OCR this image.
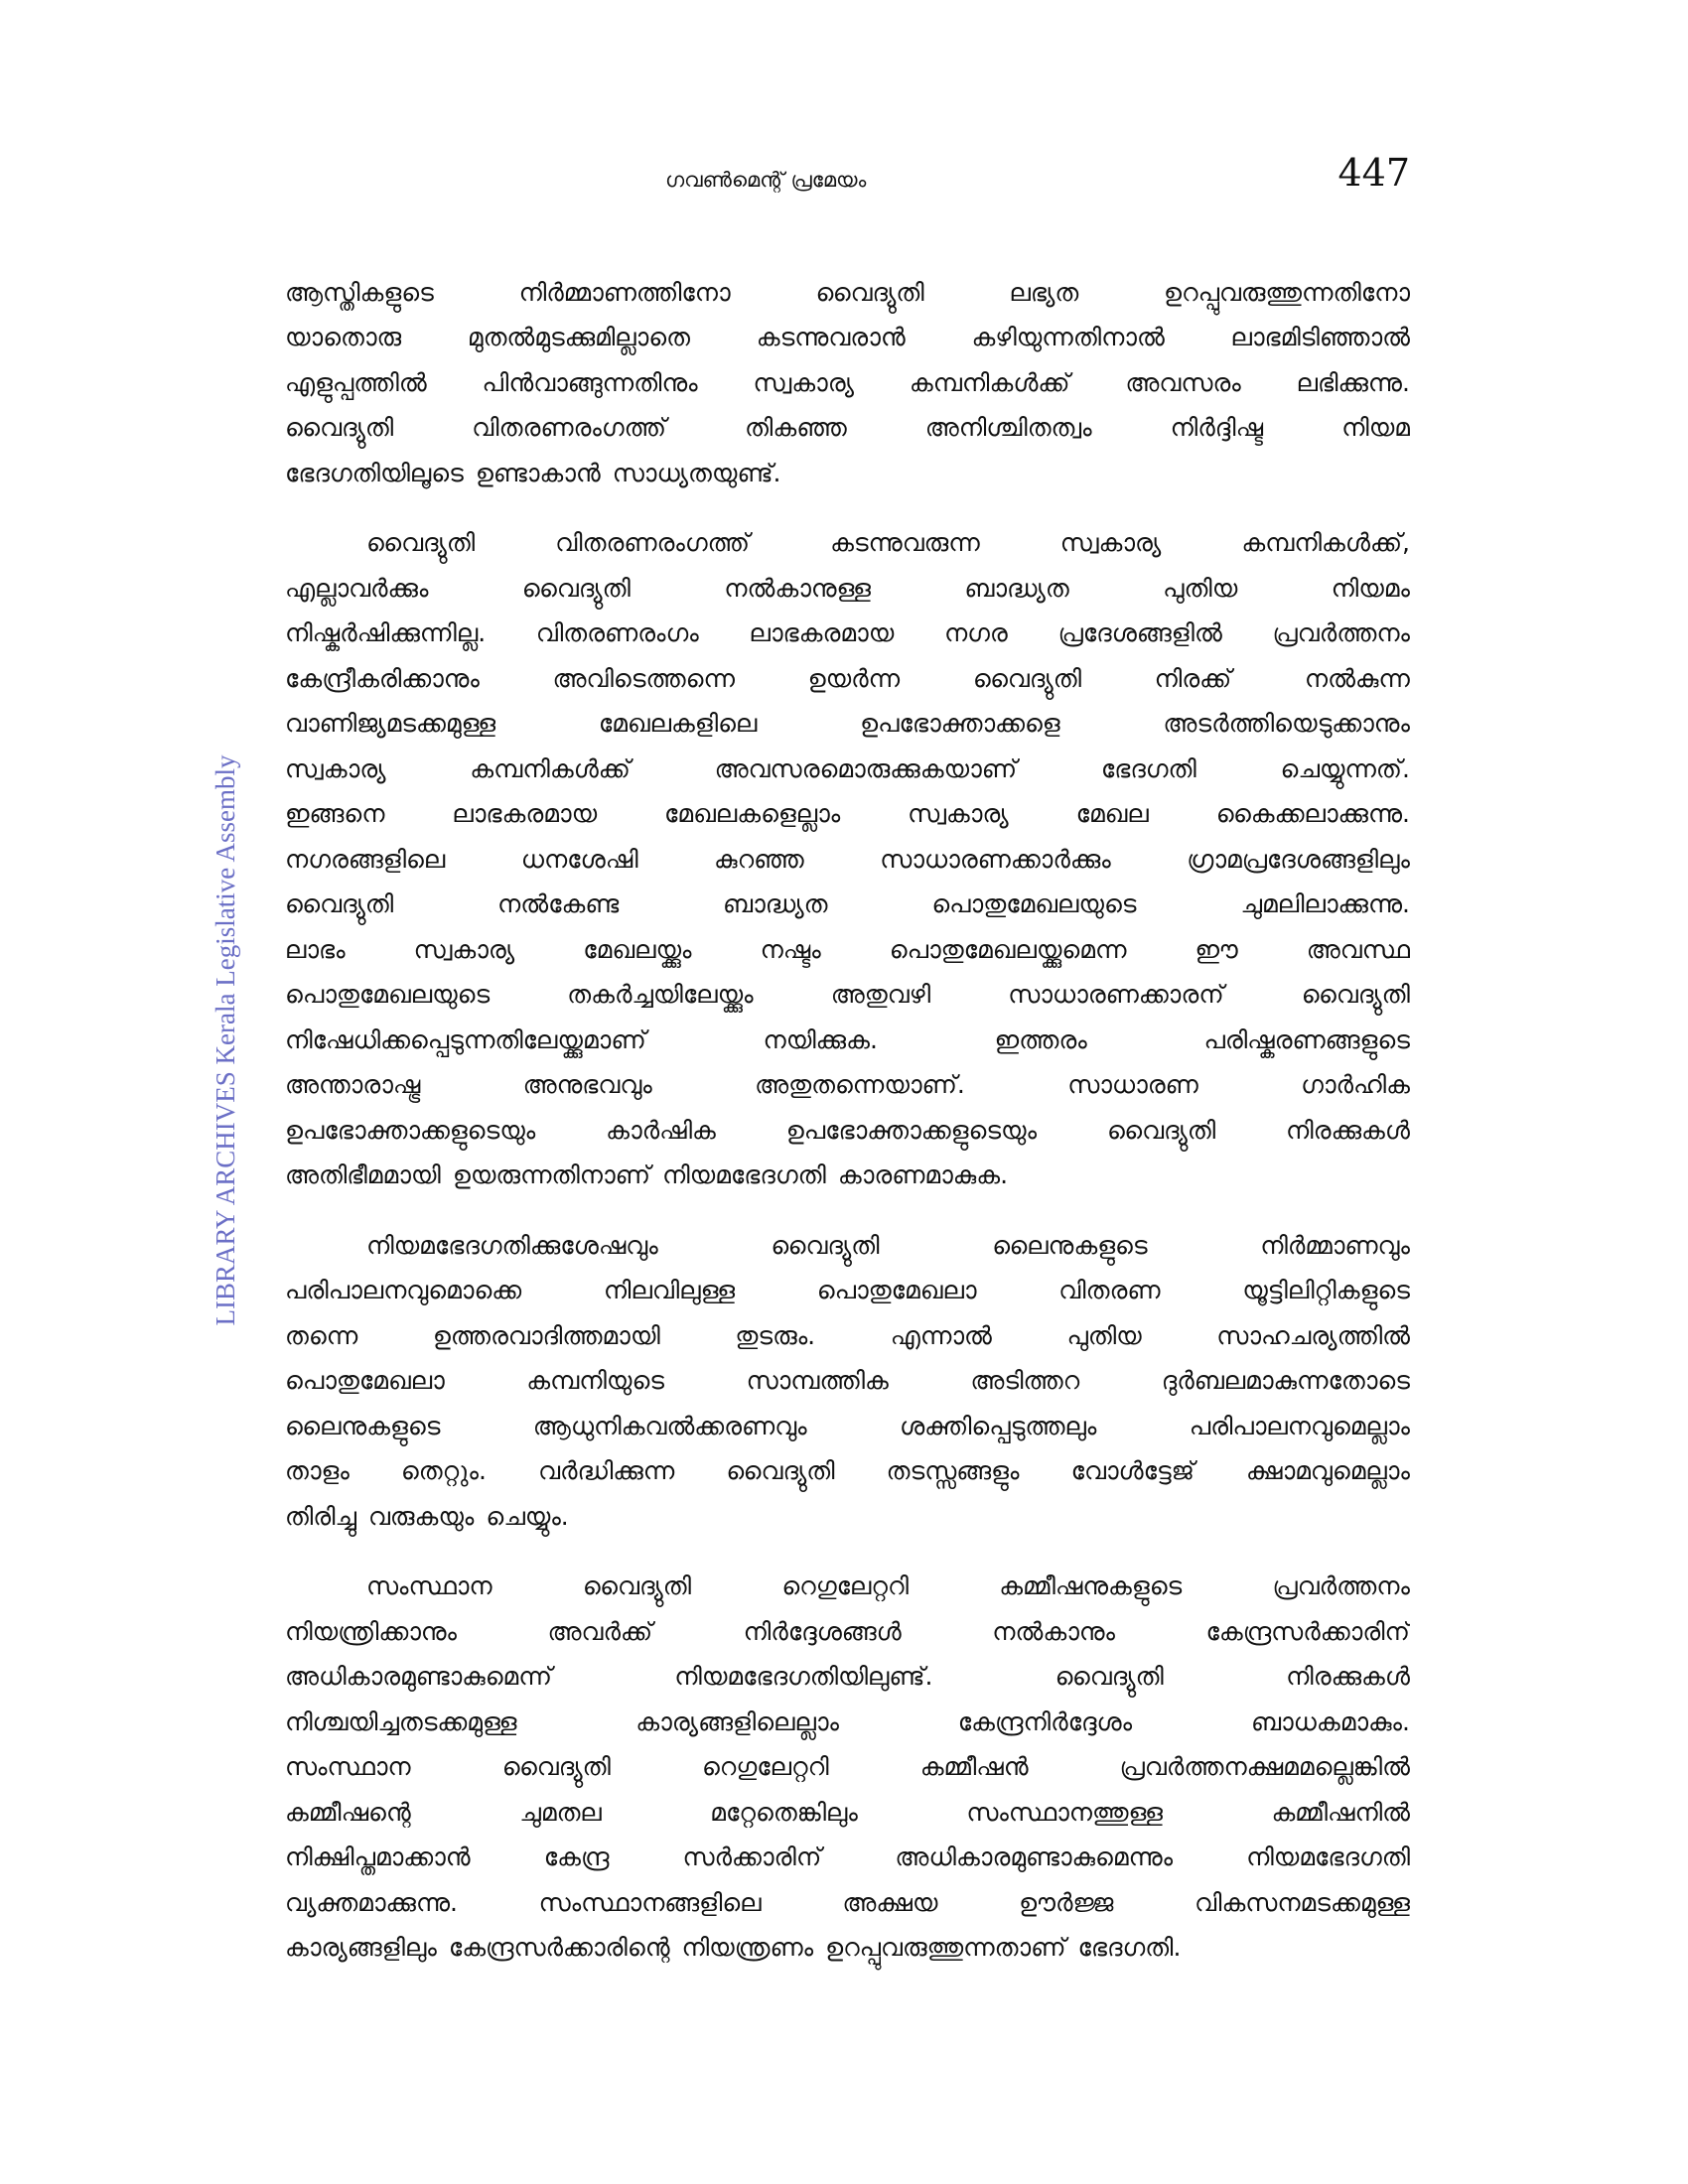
ഗവൺമെന്റ് പ്രമേയം	447
LIBRARY ARCHIVES Kerala Legislative Assembly
ആസ്തികളുടെ	നിർമ്മാണത്തിനോ	വൈദ്യുതി	ലഭ്യത	ഉറപ്പുവരുത്തുന്നതിനോ
യാതൊരു	മുതൽമുടക്കുമില്ലാതെ	കടന്നുവരാൻ	കഴിയുന്നതിനാൽ	ലാഭമിടിഞ്ഞാൽ
എളുപ്പത്തിൽ പിൻവാങ്ങുന്നതിനും സ്വകാര്യ കമ്പനികൾക്ക് അവസരം ലഭിക്കുന്നു.
വൈദ്യുതി	വിതരണരംഗത്ത്	തികഞ്ഞ	അനിശ്ചിതത്വം	നിർദ്ദിഷ്ട	നിയമ
ഭേദഗതിയിലൂടെ ഉണ്ടാകാൻ സാധ്യതയുണ്ട്.
വൈദ്യുതി	വിതരണരംഗത്ത്	കടന്നുവരുന്ന	സ്വകാര്യ	കമ്പനികൾക്ക്,
എല്ലാവർക്കും	വൈദ്യുതി	നൽകാനുള്ള	ബാദ്ധ്യത	പുതിയ	നിയമം
നിഷ്കർഷിക്കുന്നില്ല. വിതരണരംഗം ലാഭകരമായ നഗര പ്രദേശങ്ങളിൽ പ്രവർത്തനം
കേന്ദ്രീകരിക്കാനും	അവിടെത്തന്നെ	ഉയർന്ന	വൈദ്യുതി	നിരക്ക്	നൽകുന്ന
വാണിജ്യമടക്കമുള്ള	മേഖലകളിലെ	ഉപഭോക്താക്കളെ	അടർത്തിയെടുക്കാനും
സ്വകാര്യ	കമ്പനികൾക്ക്	അവസരമൊരുക്കുകയാണ്	ഭേദഗതി	ചെയ്യുന്നത്.
ഇങ്ങനെ	ലാഭകരമായ	മേഖലകളെല്ലാം	സ്വകാര്യ	മേഖല	കൈക്കലാക്കുന്നു.
നഗരങ്ങളിലെ	ധനശേഷി	കുറഞ്ഞ	സാധാരണക്കാർക്കും	ഗ്രാമപ്രദേശങ്ങളിലും
വൈദ്യുതി	നൽകേണ്ട	ബാദ്ധ്യത	പൊതുമേഖലയുടെ	ചുമലിലാക്കുന്നു.
ലാഭം	സ്വകാര്യ	മേഖലയ്ക്കും	നഷ്ടം	പൊതുമേഖലയ്ക്കുമെന്ന	ഈ	അവസ്ഥ
പൊതുമേഖലയുടെ	തകർച്ചയിലേയ്ക്കും	അതുവഴി	സാധാരണക്കാരന്	വൈദ്യുതി
നിഷേധിക്കപ്പെടുന്നതിലേയ്ക്കുമാണ്	നയിക്കുക.	ഇത്തരം	പരിഷ്കരണങ്ങളുടെ
അന്താരാഷ്ട്ര	അനുഭവവും	അതുതന്നെയാണ്.	സാധാരണ	ഗാർഹിക
ഉപഭോക്താക്കളുടെയും	കാർഷിക	ഉപഭോക്താക്കളുടെയും	വൈദ്യുതി	നിരക്കുകൾ
അതിഭീമമായി ഉയരുന്നതിനാണ് നിയമഭേദഗതി കാരണമാകുക.
നിയമഭേദഗതിക്കുശേഷവും	വൈദ്യുതി	ലൈനുകളുടെ	നിർമ്മാണവും
പരിപാലനവുമൊക്കെ	നിലവിലുള്ള	പൊതുമേഖലാ	വിതരണ	യൂട്ടിലിറ്റികളുടെ
തന്നെ	ഉത്തരവാദിത്തമായി	തുടരും.	എന്നാൽ	പുതിയ	സാഹചര്യത്തിൽ
പൊതുമേഖലാ	കമ്പനിയുടെ	സാമ്പത്തിക	അടിത്തറ	ദുർബലമാകുന്നതോടെ
ലൈനുകളുടെ	ആധുനികവൽക്കരണവും	ശക്തിപ്പെടുത്തലും	പരിപാലനവുമെല്ലാം
താളം തെറ്റും. വർദ്ധിക്കുന്ന വൈദ്യുതി തടസ്സങ്ങളും വോൾട്ടേജ് ക്ഷാമവുമെല്ലാം
തിരിച്ചു വരുകയും ചെയ്യും.
സംസ്ഥാന	വൈദ്യുതി	റെഗുലേറ്ററി	കമ്മീഷനുകളുടെ	പ്രവർത്തനം
നിയന്ത്രിക്കാനും	അവർക്ക്	നിർദ്ദേശങ്ങൾ	നൽകാനും	കേന്ദ്രസർക്കാരിന്
അധികാരമുണ്ടാകുമെന്ന്	നിയമഭേദഗതിയിലുണ്ട്.	വൈദ്യുതി	നിരക്കുകൾ
നിശ്ചയിച്ചതടക്കമുള്ള	കാര്യങ്ങളിലെല്ലാം	കേന്ദ്രനിർദ്ദേശം	ബാധകമാകും.
സംസ്ഥാന	വൈദ്യുതി	റെഗുലേറ്ററി	കമ്മീഷൻ	പ്രവർത്തനക്ഷമമല്ലെങ്കിൽ
കമ്മീഷന്റെ	ചുമതല	മറ്റേതെങ്കിലും	സംസ്ഥാനത്തുള്ള	കമ്മീഷനിൽ
നിക്ഷിപ്തമാക്കാൻ	കേന്ദ്ര	സർക്കാരിന്	അധികാരമുണ്ടാകുമെന്നും	നിയമഭേദഗതി
വ്യക്തമാക്കുന്നു.	സംസ്ഥാനങ്ങളിലെ	അക്ഷയ	ഊർജ്ജ	വികസനമടക്കമുള്ള
കാര്യങ്ങളിലും കേന്ദ്രസർക്കാരിന്റെ നിയന്ത്രണം ഉറപ്പുവരുത്തുന്നതാണ് ഭേദഗതി.
